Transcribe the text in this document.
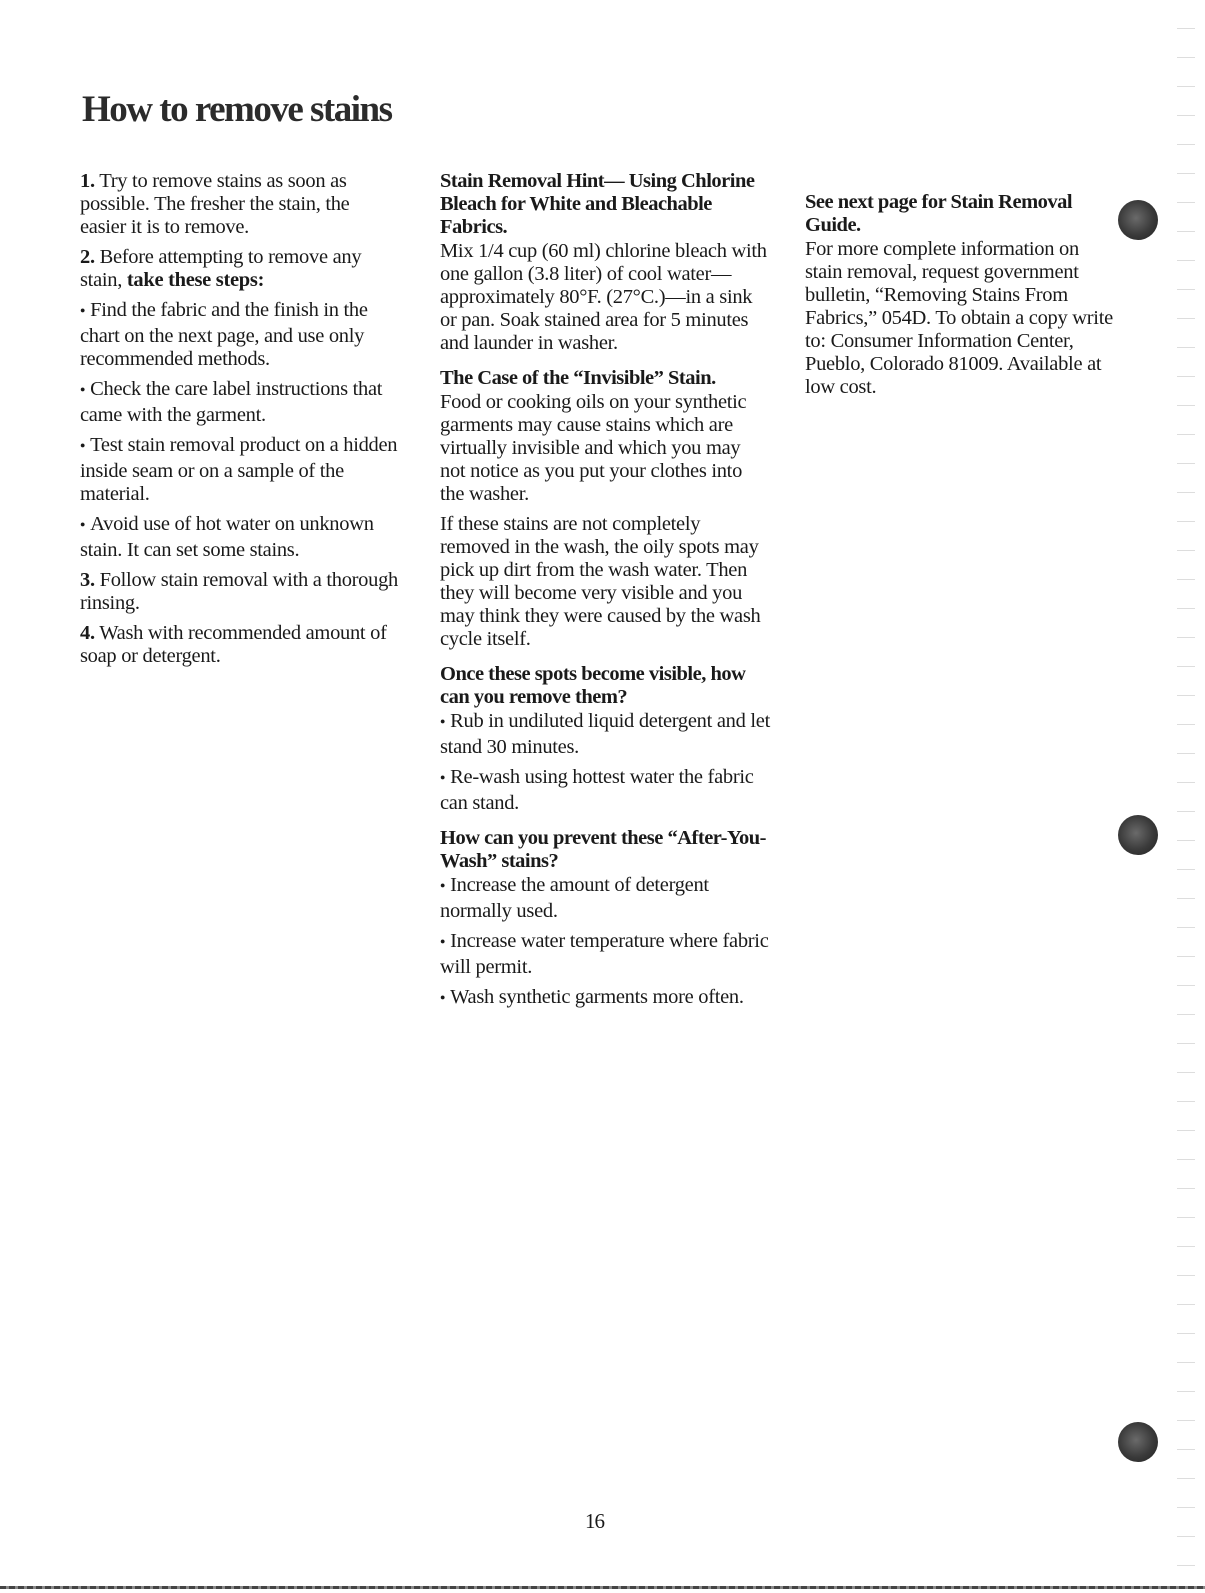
How to remove stains

1. Try to remove stains as soon as possible. The fresher the stain, the easier it is to remove.

2. Before attempting to remove any stain, take these steps:

● Find the fabric and the finish in the chart on the next page, and use only recommended methods.

● Check the care label instructions that came with the garment.

● Test stain removal product on a hidden inside seam or on a sample of the material.

● Avoid use of hot water on unknown stain. It can set some stains.

3. Follow stain removal with a thorough rinsing.

4. Wash with recommended amount of soap or detergent.

Stain Removal Hint— Using Chlorine Bleach for White and Bleachable Fabrics.

Mix 1/4 cup (60 ml) chlorine bleach with one gallon (3.8 liter) of cool water—approximately 80°F. (27°C.)—in a sink or pan. Soak stained area for 5 minutes and launder in washer.

The Case of the “Invisible” Stain.

Food or cooking oils on your synthetic garments may cause stains which are virtually invisible and which you may not notice as you put your clothes into the washer.

If these stains are not completely removed in the wash, the oily spots may pick up dirt from the wash water. Then they will become very visible and you may think they were caused by the wash cycle itself.

Once these spots become visible, how can you remove them?

● Rub in undiluted liquid detergent and let stand 30 minutes.

● Re-wash using hottest water the fabric can stand.

How can you prevent these “After-You-Wash” stains?

● Increase the amount of detergent normally used.

● Increase water temperature where fabric will permit.

● Wash synthetic garments more often.

See next page for Stain Removal Guide.

For more complete information on stain removal, request government bulletin, “Removing Stains From Fabrics,” 054D. To obtain a copy write to: Consumer Information Center, Pueblo, Colorado 81009. Available at low cost.

16
